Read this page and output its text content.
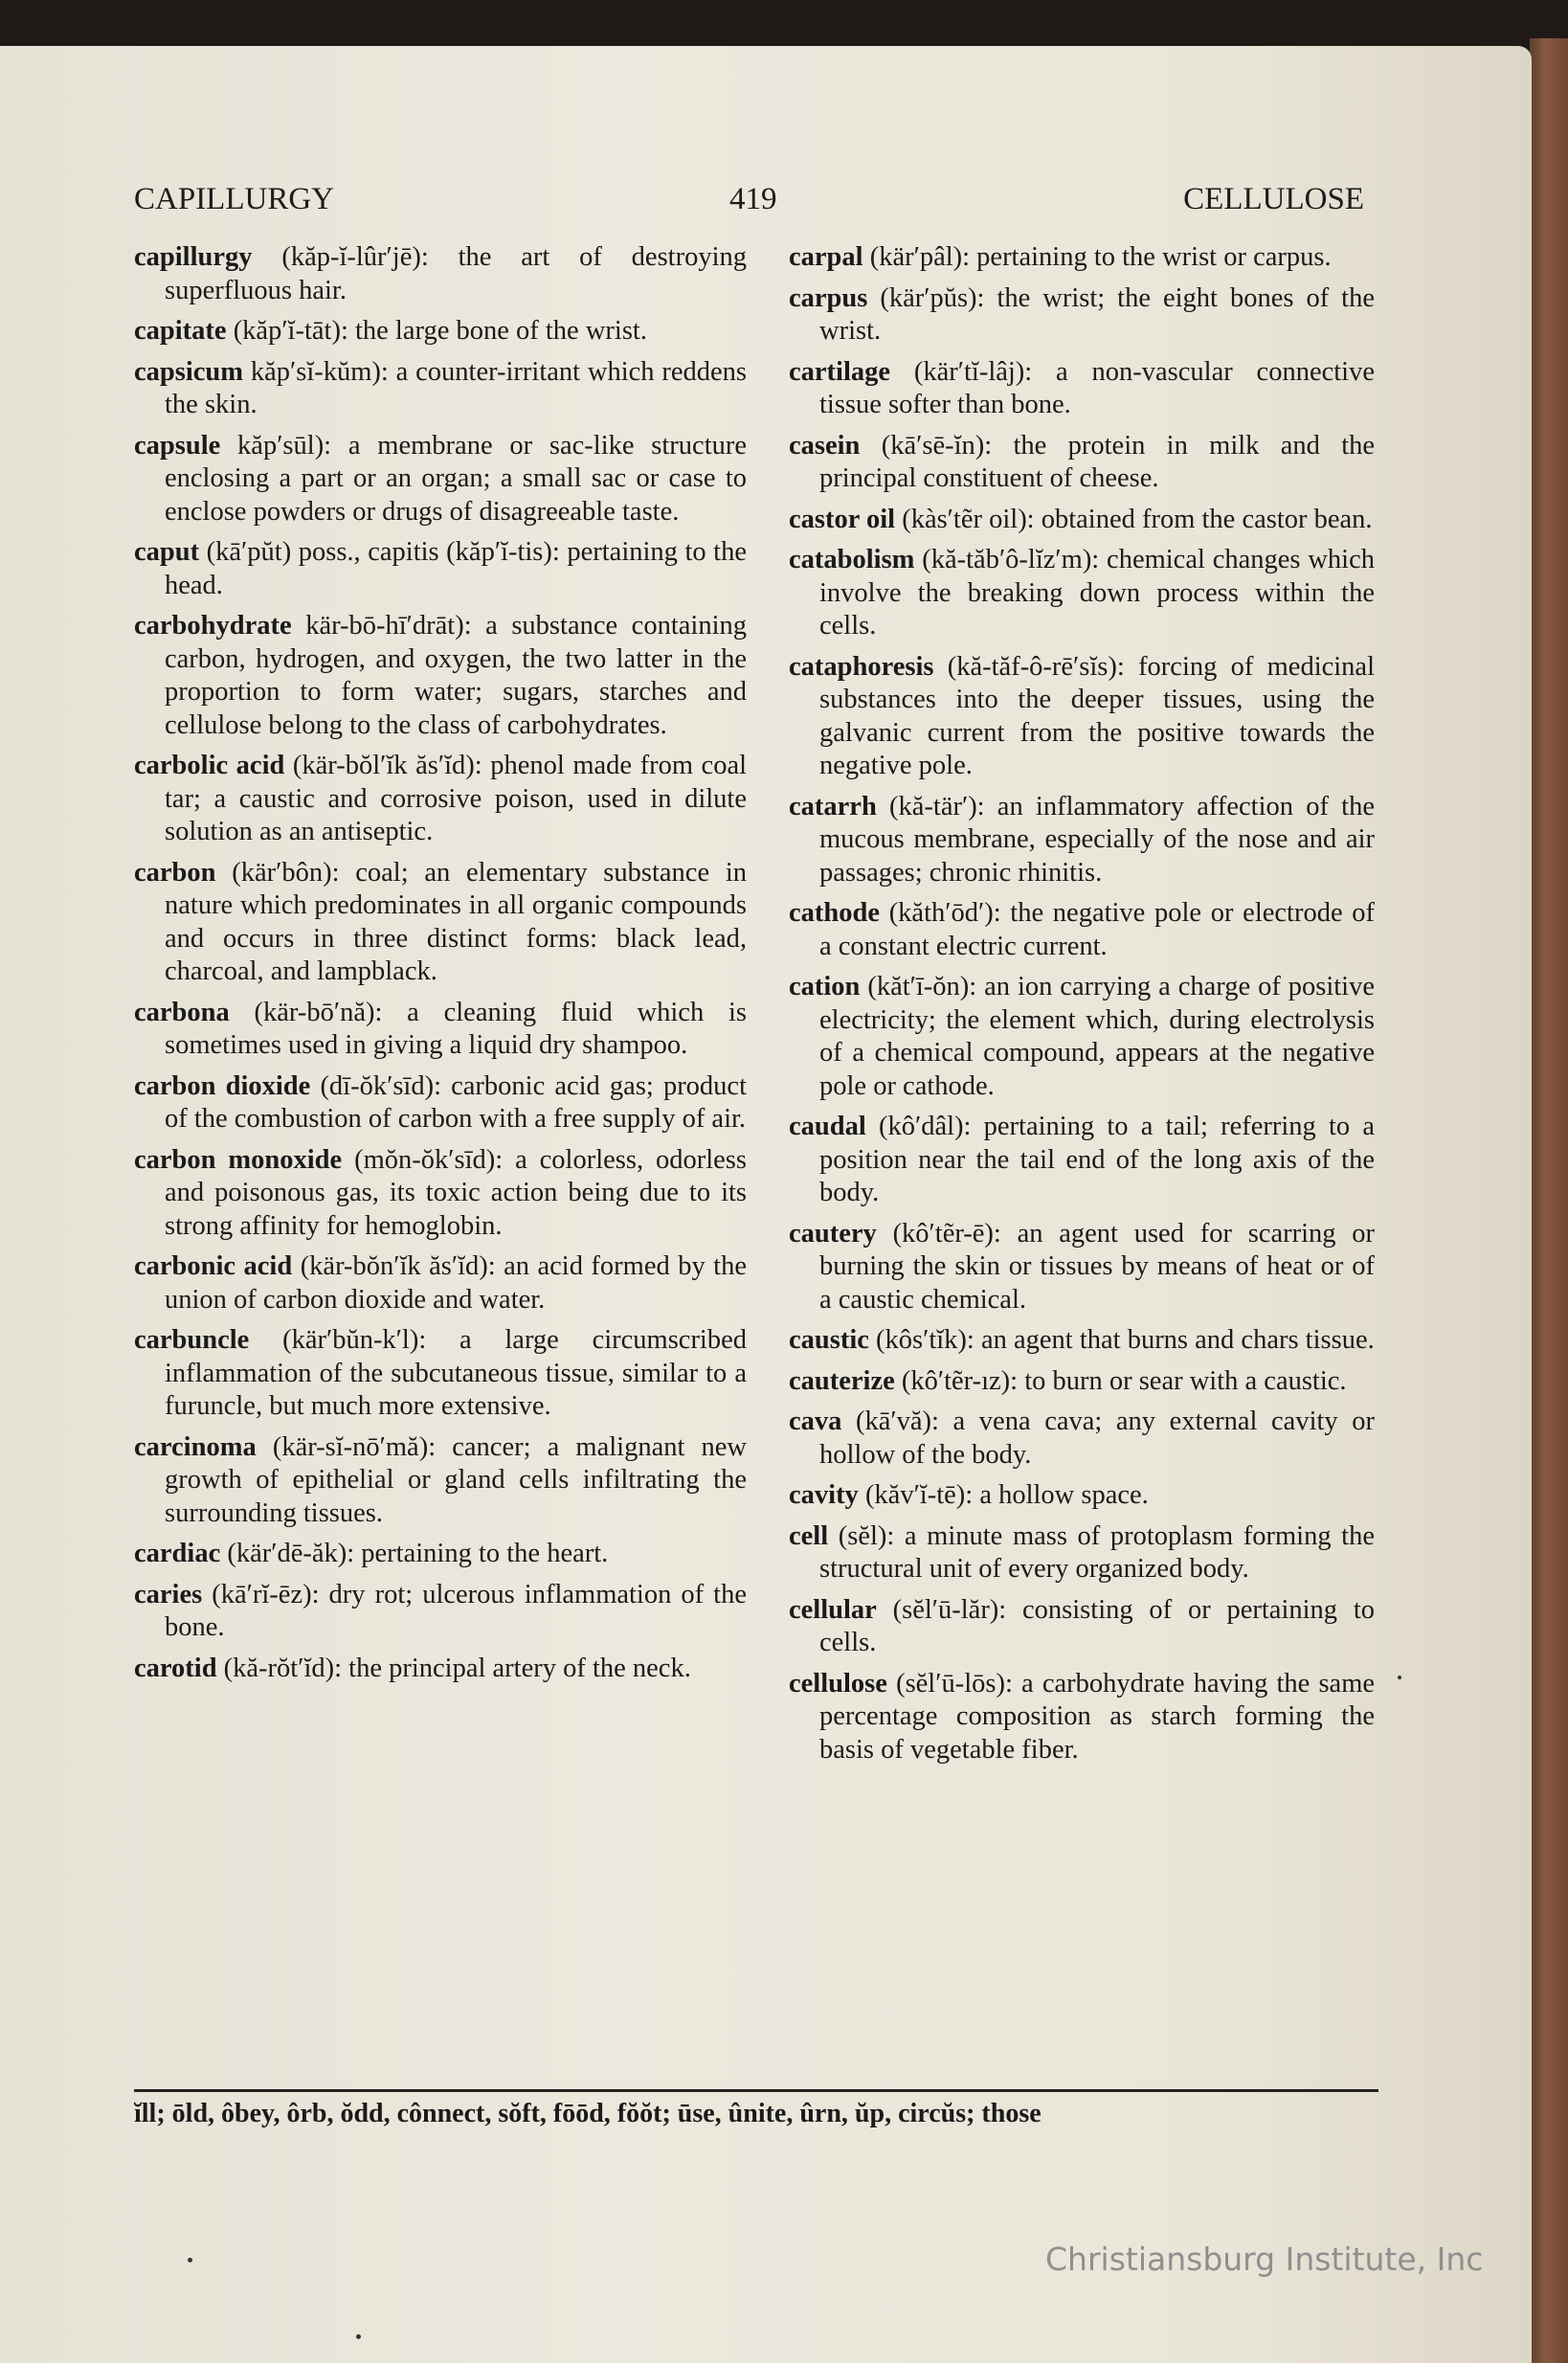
CAPILLURGY	419	CELLULOSE
capillurgy (kăp-ĭ-lûr′jē): the art of destroying superfluous hair.
capitate (kăp′ĭ-tāt): the large bone of the wrist.
capsicum kăp′sĭ-kŭm): a counter-irritant which reddens the skin.
capsule kăp′sūl): a membrane or sac-like structure enclosing a part or an organ; a small sac or case to enclose powders or drugs of disagreeable taste.
caput (kā′pŭt) poss., capitis (kăp′ĭ-tis): pertaining to the head.
carbohydrate kär-bō-hī′drāt): a substance containing carbon, hydrogen, and oxygen, the two latter in the proportion to form water; sugars, starches and cellulose belong to the class of carbohydrates.
carbolic acid (kär-bŏl′ĭk ăs′ĭd): phenol made from coal tar; a caustic and corrosive poison, used in dilute solution as an antiseptic.
carbon (kär′bôn): coal; an elementary substance in nature which predominates in all organic compounds and occurs in three distinct forms: black lead, charcoal, and lampblack.
carbona (kär-bō′nă): a cleaning fluid which is sometimes used in giving a liquid dry shampoo.
carbon dioxide (dī-ŏk′sīd): carbonic acid gas; product of the combustion of carbon with a free supply of air.
carbon monoxide (mŏn-ŏk′sīd): a colorless, odorless and poisonous gas, its toxic action being due to its strong affinity for hemoglobin.
carbonic acid (kär-bŏn′ĭk ăs′ĭd): an acid formed by the union of carbon dioxide and water.
carbuncle (kär′bŭn-k′l): a large circumscribed inflammation of the subcutaneous tissue, similar to a furuncle, but much more extensive.
carcinoma (kär-sĭ-nō′mă): cancer; a malignant new growth of epithelial or gland cells infiltrating the surrounding tissues.
cardiac (kär′dē-ăk): pertaining to the heart.
caries (kā′rĭ-ēz): dry rot; ulcerous inflammation of the bone.
carotid (kă-rŏt′ĭd): the principal artery of the neck.
carpal (kär′pâl): pertaining to the wrist or carpus.
carpus (kär′pŭs): the wrist; the eight bones of the wrist.
cartilage (kär′tĭ-lâj): a non-vascular connective tissue softer than bone.
casein (kā′sē-ĭn): the protein in milk and the principal constituent of cheese.
castor oil (kàs′tẽr oil): obtained from the castor bean.
catabolism (kă-tăb′ô-lĭz′m): chemical changes which involve the breaking down process within the cells.
cataphoresis (kă-tăf-ô-rē′sĭs): forcing of medicinal substances into the deeper tissues, using the galvanic current from the positive towards the negative pole.
catarrh (kă-tär′): an inflammatory affection of the mucous membrane, especially of the nose and air passages; chronic rhinitis.
cathode (kăth′ōd′): the negative pole or electrode of a constant electric current.
cation (kăt′ī-ŏn): an ion carrying a charge of positive electricity; the element which, during electrolysis of a chemical compound, appears at the negative pole or cathode.
caudal (kô′dâl): pertaining to a tail; referring to a position near the tail end of the long axis of the body.
cautery (kô′tẽr-ē): an agent used for scarring or burning the skin or tissues by means of heat or of a caustic chemical.
caustic (kôs′tĭk): an agent that burns and chars tissue.
cauterize (kô′tẽr-ız): to burn or sear with a caustic.
cava (kā′vă): a vena cava; any external cavity or hollow of the body.
cavity (kăv′ĭ-tē): a hollow space.
cell (sĕl): a minute mass of protoplasm forming the structural unit of every organized body.
cellular (sĕl′ū-lăr): consisting of or pertaining to cells.
cellulose (sĕl′ū-lōs): a carbohydrate having the same percentage composition as starch forming the basis of vegetable fiber.
ĭll; ōld, ôbey, ôrb, ŏdd, cônnect, sŏft, fōōd, fŏŏt; ūse, ûnite, ûrn, ŭp, circŭs; those
Christiansburg Institute, Inc
